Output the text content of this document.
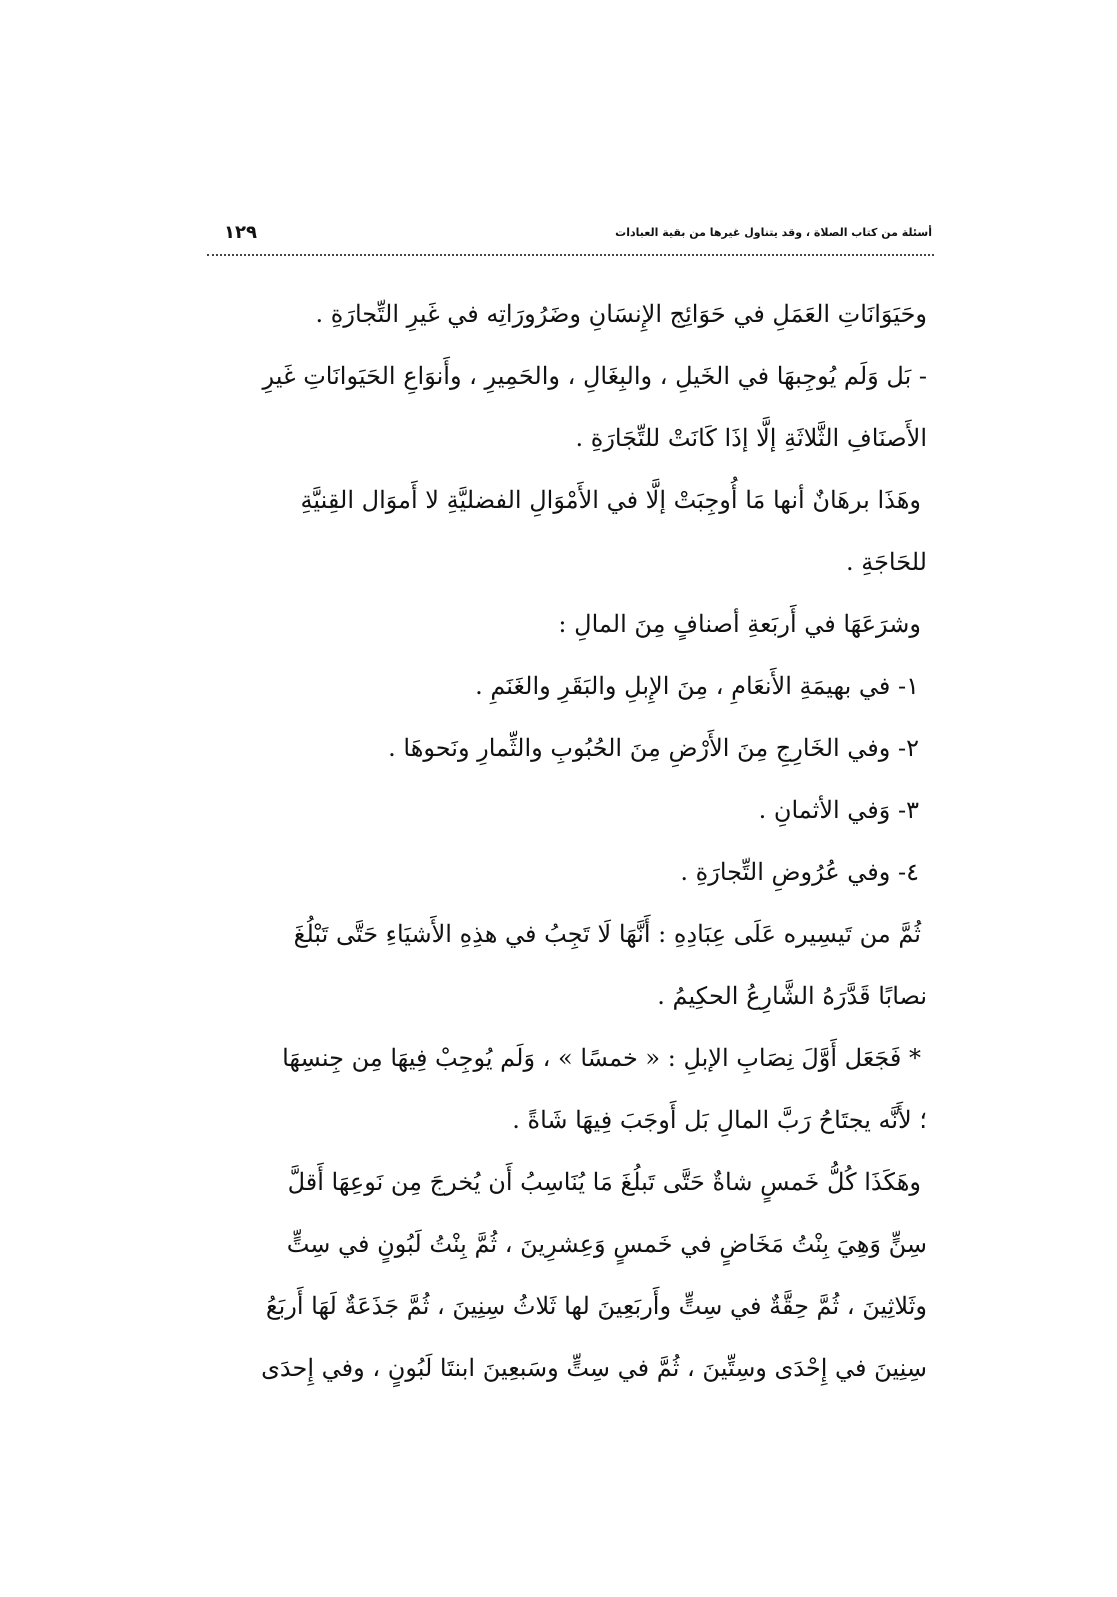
أسئلة من كتاب الصلاة ، وقد يتناول غيرها من بقية العبادات
١٢٩
وحَيَوَانَاتِ العَمَلِ في حَوَائِج الإِنسَانِ وضَرُورَاتِه في غَيرِ التِّجارَةِ .
- بَل وَلَم يُوجِبهَا في الخَيلِ ، والبِغَالِ ، والحَمِيرِ ، وأَنوَاعِ الحَيَوانَاتِ غَيرِ
الأَصنَافِ الثَّلاثَةِ إلَّا إذَا كَانَتْ للتِّجَارَةِ .
وهَذَا برهَانٌ أنها مَا أُوجِبَتْ إلَّا في الأَمْوَالِ الفضليَّةِ لا أَموَال القِنيَّةِ
للحَاجَةِ .
وشرَعَهَا في أَربَعةِ أصنافٍ مِنَ المالِ :
١- في بهيمَةِ الأَنعَامِ ، مِنَ الإِبلِ والبَقَرِ والغَنَمِ .
٢- وفي الخَارِجِ مِنَ الأَرْضِ مِنَ الحُبُوبِ والثِّمارِ ونَحوهَا .
٣- وَفي الأثمانِ .
٤- وفي عُرُوضِ التِّجارَةِ .
ثُمَّ من تَيسِيره عَلَى عِبَادِهِ : أَنَّهَا لَا تَجِبُ في هذِهِ الأَشيَاءِ حَتَّى تَبْلُغَ
نصابًا قَدَّرَهُ الشَّارِعُ الحكِيمُ .
* فَجَعَل أَوَّلَ نِصَابِ الإبلِ : « خمسًا » ، وَلَم يُوجِبْ فِيهَا مِن جِنسِهَا
؛ لأَنَّه يجتَاحُ رَبَّ المالِ بَل أَوجَبَ فِيهَا شَاةً .
وهَكَذَا كُلُّ خَمسٍ شاةٌ حَتَّى تَبلُغَ مَا يُنَاسِبُ أَن يُخرجَ مِن نَوعِهَا أَقلَّ
سِنٍّ وَهِيَ بِنْتُ مَخَاضٍ في خَمسٍ وَعِشرِينَ ، ثُمَّ بِنْتُ لَبُونٍ في سِتٍّ
وثَلاثِينَ ، ثُمَّ حِقَّةٌ في سِتٍّ وأَربَعِينَ لها ثَلاثُ سِنِينَ ، ثُمَّ جَذَعَةٌ لَهَا أَربَعُ
سِنِينَ في إِحْدَى وسِتِّينَ ، ثُمَّ في سِتٍّ وسَبعِينَ ابنتَا لَبُونٍ ، وفي إِحدَى
